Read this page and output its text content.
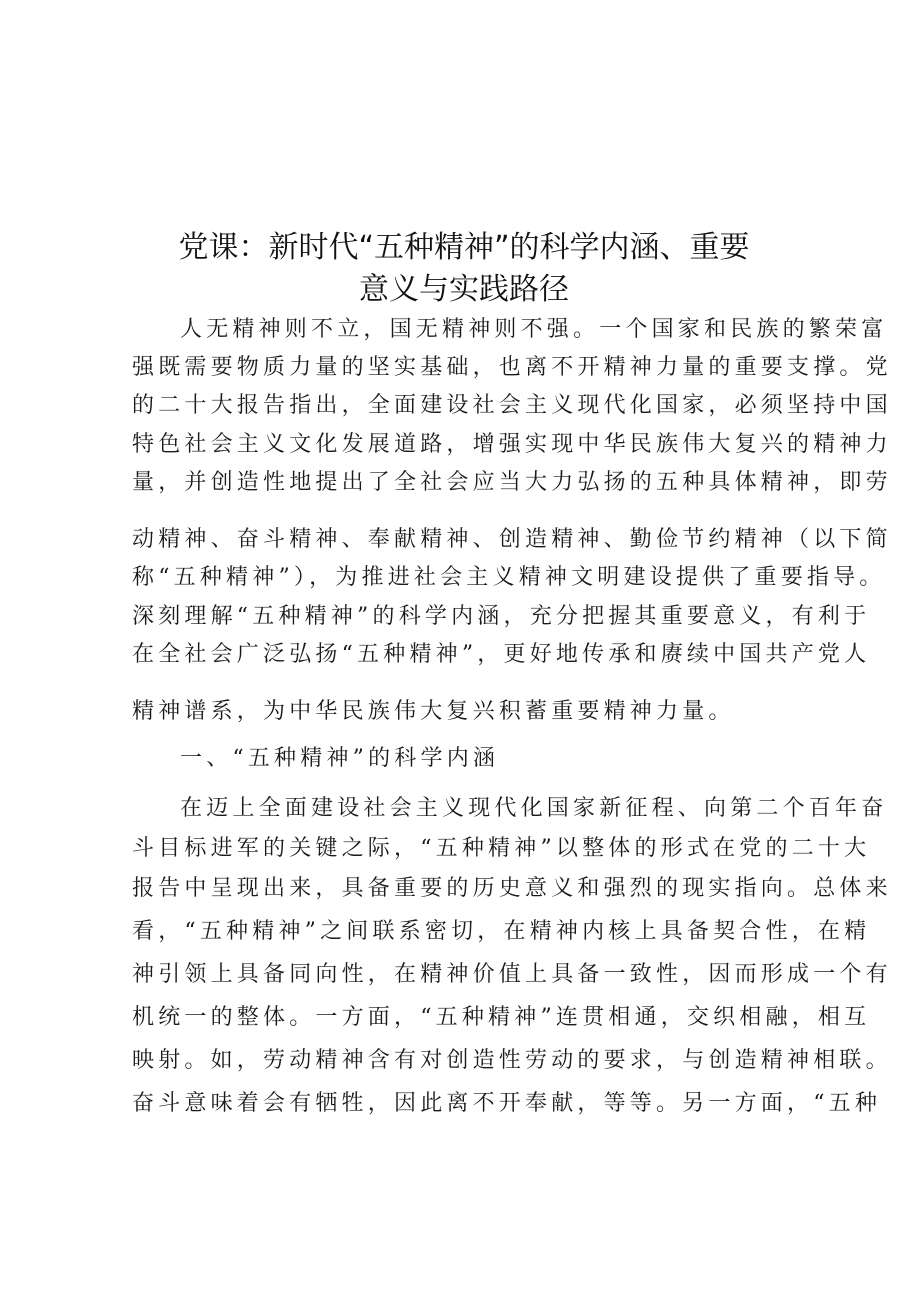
党课：新时代“五种精神”的科学内涵、重要
意义与实践路径
人无精神则不立，国无精神则不强。一个国家和民族的繁荣富
强既需要物质力量的坚实基础，也离不开精神力量的重要支撑。党
的二十大报告指出，全面建设社会主义现代化国家，必须坚持中国
特色社会主义文化发展道路，增强实现中华民族伟大复兴的精神力
量，并创造性地提出了全社会应当大力弘扬的五种具体精神，即劳
动精神、奋斗精神、奉献精神、创造精神、勤俭节约精神（以下简
称“五种精神”），为推进社会主义精神文明建设提供了重要指导。
深刻理解“五种精神”的科学内涵，充分把握其重要意义，有利于
在全社会广泛弘扬“五种精神”，更好地传承和赓续中国共产党人
精神谱系，为中华民族伟大复兴积蓄重要精神力量。
一、“五种精神”的科学内涵
在迈上全面建设社会主义现代化国家新征程、向第二个百年奋
斗目标进军的关键之际，“五种精神”以整体的形式在党的二十大
报告中呈现出来，具备重要的历史意义和强烈的现实指向。总体来
看，“五种精神”之间联系密切，在精神内核上具备契合性，在精
神引领上具备同向性，在精神价值上具备一致性，因而形成一个有
机统一的整体。一方面，“五种精神”连贯相通，交织相融，相互
映射。如，劳动精神含有对创造性劳动的要求，与创造精神相联。
奋斗意味着会有牺牲，因此离不开奉献，等等。另一方面，“五种
